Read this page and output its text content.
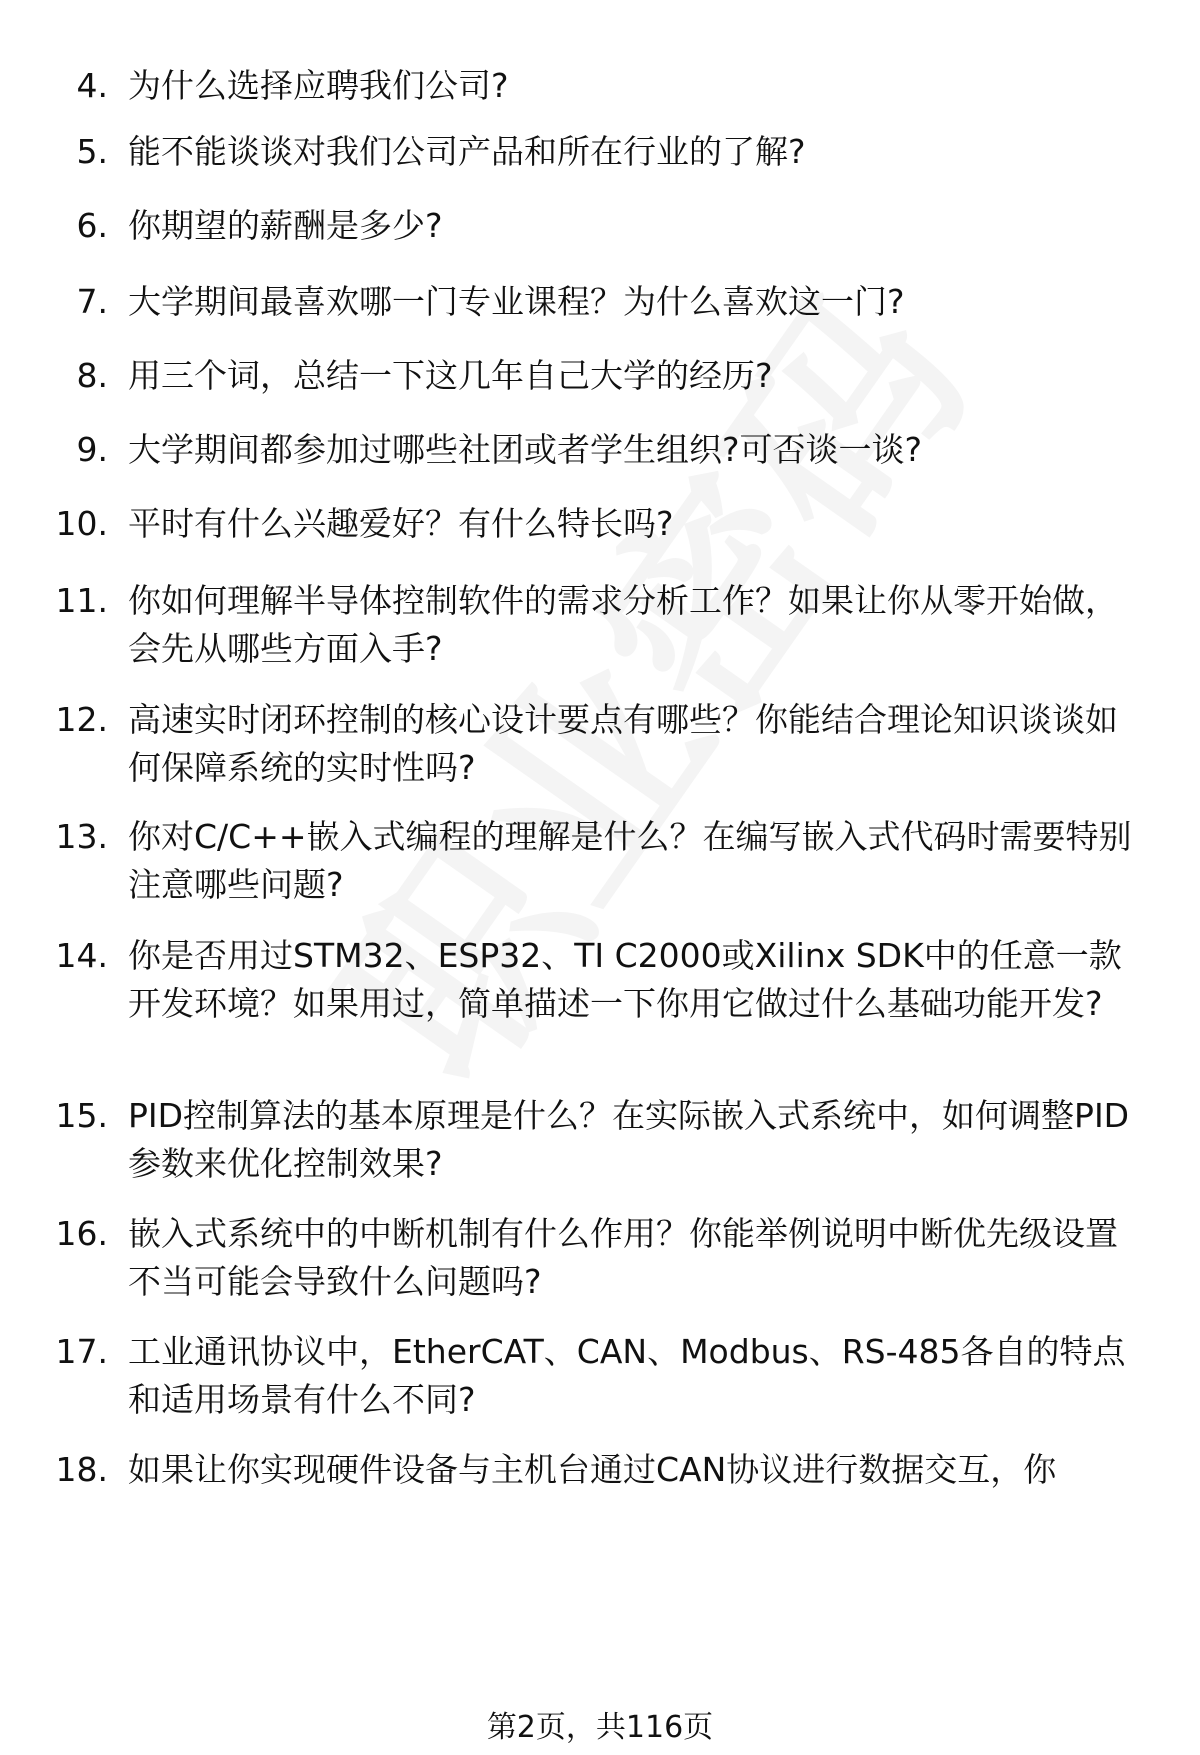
4. 为什么选择应聘我们公司?
5. 能不能谈谈对我们公司产品和所在行业的了解?
6. 你期望的薪酬是多少?
7. 大学期间最喜欢哪一门专业课程？为什么喜欢这一门?
8. 用三个词，总结一下这几年自己大学的经历?
9. 大学期间都参加过哪些社团或者学生组织?可否谈一谈?
10. 平时有什么兴趣爱好？有什么特长吗?
11. 你如何理解半导体控制软件的需求分析工作？如果让你从零开始做，会先从哪些方面入手?
12. 高速实时闭环控制的核心设计要点有哪些？你能结合理论知识谈谈如何保障系统的实时性吗?
13. 你对C/C++嵌入式编程的理解是什么？在编写嵌入式代码时需要特别注意哪些问题?
14. 你是否用过STM32、ESP32、TI C2000或Xilinx SDK中的任意一款开发环境？如果用过，简单描述一下你用它做过什么基础功能开发?
15. PID控制算法的基本原理是什么？在实际嵌入式系统中，如何调整PID参数来优化控制效果?
16. 嵌入式系统中的中断机制有什么作用？你能举例说明中断优先级设置不当可能会导致什么问题吗?
17. 工业通讯协议中，EtherCAT、CAN、Modbus、RS-485各自的特点和适用场景有什么不同?
18. 如果让你实现硬件设备与主机台通过CAN协议进行数据交互，你
第2页，共116页
